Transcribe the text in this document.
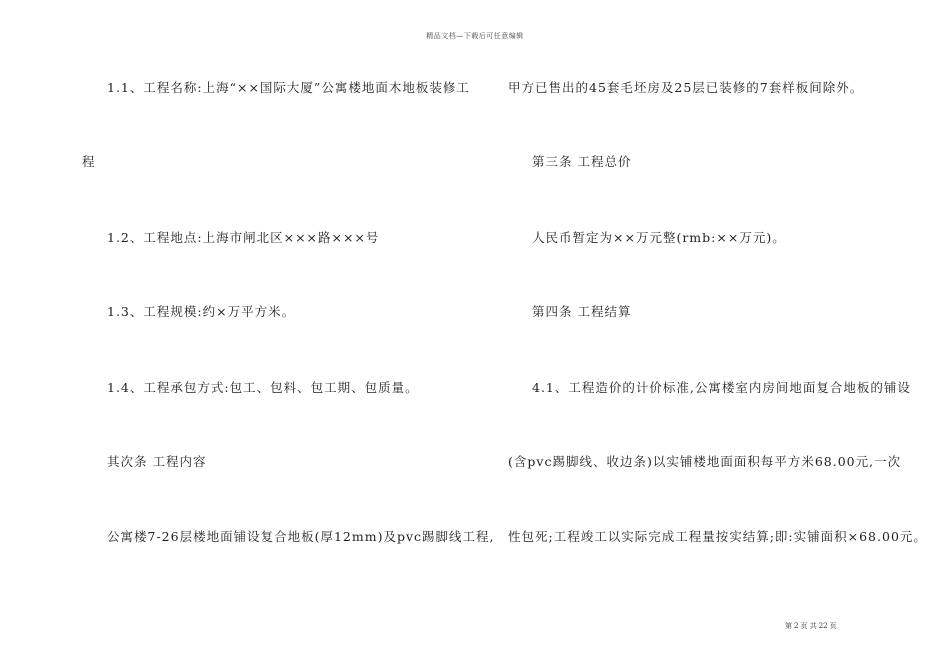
精品文档—下载后可任意编辑
1.1、工程名称:上海“××国际大厦”公寓楼地面木地板装修工
程
1.2、工程地点:上海市闸北区×××路×××号
1.3、工程规模:约×万平方米。
1.4、工程承包方式:包工、包料、包工期、包质量。
其次条 工程内容
公寓楼7-26层楼地面铺设复合地板(厚12mm)及pvc踢脚线工程,
甲方已售出的45套毛坯房及25层已装修的7套样板间除外。
第三条 工程总价
人民币暂定为××万元整(rmb:××万元)。
第四条 工程结算
4.1、工程造价的计价标准,公寓楼室内房间地面复合地板的铺设
(含pvc踢脚线、收边条)以实铺楼地面面积每平方米68.00元,一次
性包死;工程竣工以实际完成工程量按实结算;即:实铺面积×68.00元。
第 2 页 共 22 页
